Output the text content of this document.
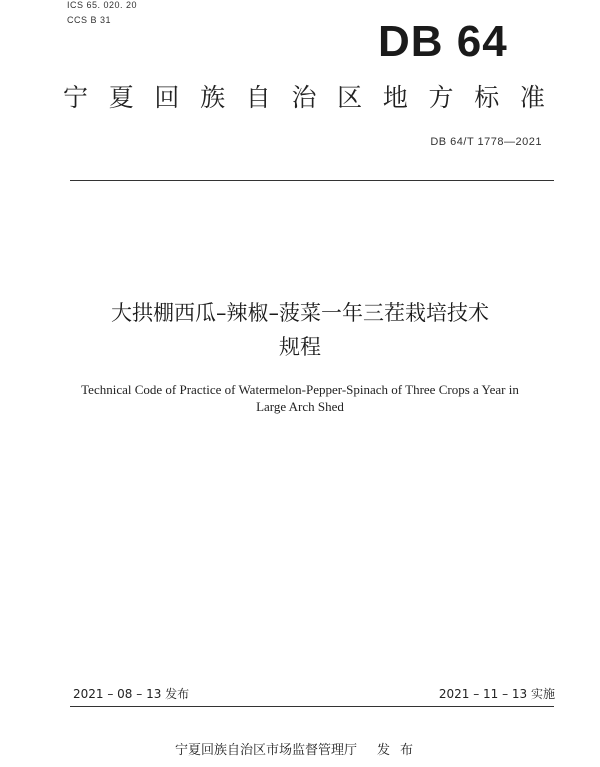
ICS 65. 020. 20
CCS B 31	DB 64
宁 夏 回 族 自 治 区 地 方 标 准
DB 64/T 1778—2021
大拱棚西瓜–辣椒–菠菜一年三茬栽培技术
规程
Technical Code of Practice of Watermelon-Pepper-Spinach of Three Crops a Year in
Large Arch Shed
2021 – 08 – 13 发布	2021 – 11 – 13 实施
宁夏回族自治区市场监督管理厅 发布
